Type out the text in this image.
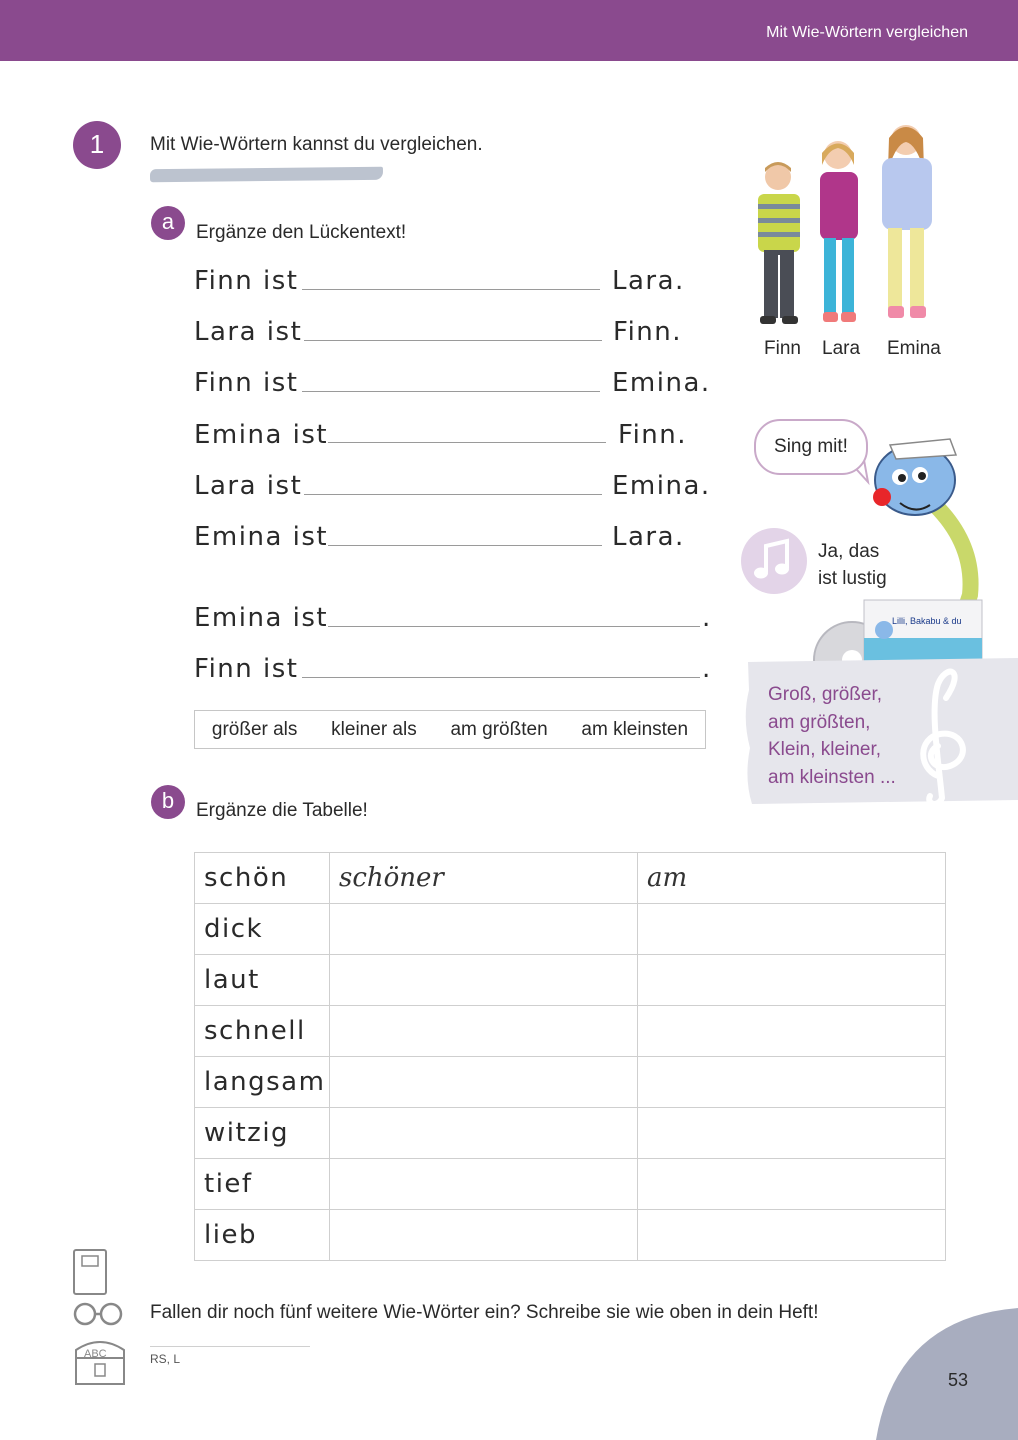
Mit Wie-Wörtern vergleichen
1	Mit Wie-Wörtern kannst du vergleichen.
a	Ergänze den Lückentext!
Finn ist	Lara.
Lara ist	Finn.
Finn ist	Emina.
Emina ist	Finn.
Lara ist	Emina.
Emina ist	Lara.
Emina ist	.
Finn ist	.
größer als kleiner als am größten am kleinsten
b	Ergänze die Tabelle!
schön	schöner	am
dick		
laut		
schnell		
langsam		
witzig		
tief		
lieb		
Finn Lara Emina
Sing mit!
Ja, das
ist lustig
Lilli, Bakabu & du
Groß, größer,
am größten,
Klein, kleiner,
am kleinsten ...
ABC
Fallen dir noch fünf weitere Wie-Wörter ein? Schreibe sie wie oben in dein Heft!
RS, L
53
